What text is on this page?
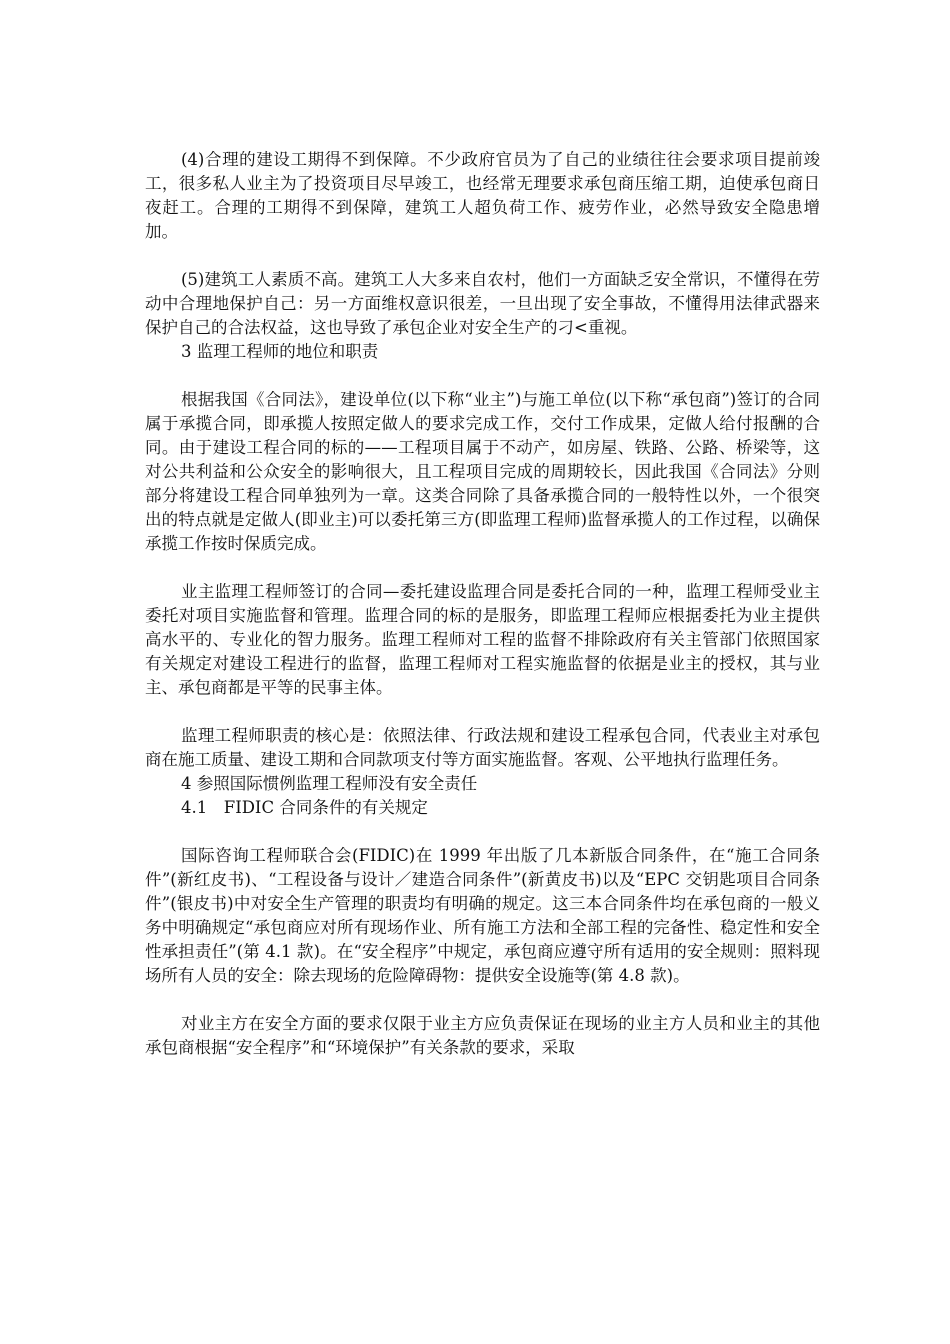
(4)合理的建设工期得不到保障。不少政府官员为了自己的业绩往往会要求项目提前竣工，很多私人业主为了投资项目尽早竣工，也经常无理要求承包商压缩工期，迫使承包商日夜赶工。合理的工期得不到保障，建筑工人超负荷工作、疲劳作业，必然导致安全隐患增加。

(5)建筑工人素质不高。建筑工人大多来自农村，他们一方面缺乏安全常识，不懂得在劳动中合理地保护自己：另一方面维权意识很差，一旦出现了安全事故，不懂得用法律武器来保护自己的合法权益，这也导致了承包企业对安全生产的刁<重视。

3 监理工程师的地位和职责

根据我国《合同法》，建设单位(以下称“业主”)与施工单位(以下称“承包商”)签订的合同属于承揽合同，即承揽人按照定做人的要求完成工作，交付工作成果，定做人给付报酬的合同。由于建设工程合同的标的——工程项目属于不动产，如房屋、铁路、公路、桥梁等，这对公共利益和公众安全的影响很大，且工程项目完成的周期较长，因此我国《合同法》分则部分将建设工程合同单独列为一章。这类合同除了具备承揽合同的一般特性以外，一个很突出的特点就是定做人(即业主)可以委托第三方(即监理工程师)监督承揽人的工作过程，以确保承揽工作按时保质完成。

业主监理工程师签订的合同—委托建设监理合同是委托合同的一种，监理工程师受业主委托对项目实施监督和管理。监理合同的标的是服务，即监理工程师应根据委托为业主提供高水平的、专业化的智力服务。监理工程师对工程的监督不排除政府有关主管部门依照国家有关规定对建设工程进行的监督，监理工程师对工程实施监督的依据是业主的授权，其与业主、承包商都是平等的民事主体。

监理工程师职责的核心是：依照法律、行政法规和建设工程承包合同，代表业主对承包商在施工质量、建设工期和合同款项支付等方面实施监督。客观、公平地执行监理任务。

4 参照国际惯例监理工程师没有安全责任

4.1　FIDIC 合同条件的有关规定

国际咨询工程师联合会(FIDIC)在 1999 年出版了几本新版合同条件，在“施工合同条件”(新红皮书)、“工程设备与设计／建造合同条件”(新黄皮书)以及“EPC 交钥匙项目合同条件”(银皮书)中对安全生产管理的职责均有明确的规定。这三本合同条件均在承包商的一般义务中明确规定“承包商应对所有现场作业、所有施工方法和全部工程的完备性、稳定性和安全性承担责任”(第 4.1 款)。在“安全程序”中规定，承包商应遵守所有适用的安全规则：照料现场所有人员的安全：除去现场的危险障碍物：提供安全设施等(第 4.8 款)。

对业主方在安全方面的要求仅限于业主方应负责保证在现场的业主方人员和业主的其他承包商根据“安全程序”和“环境保护”有关条款的要求，采取
